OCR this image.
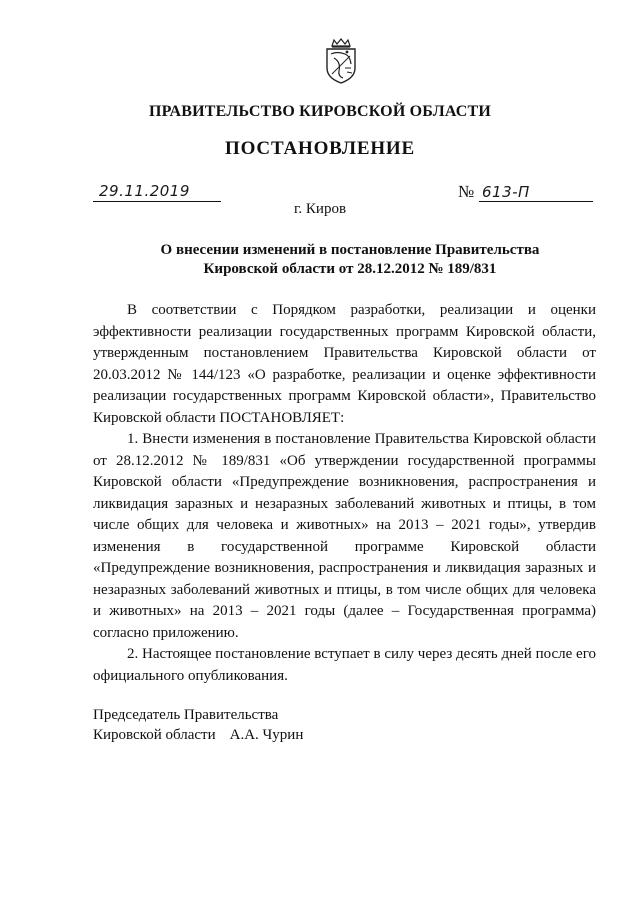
ПРАВИТЕЛЬСТВО КИРОВСКОЙ ОБЛАСТИ
ПОСТАНОВЛЕНИЕ
29.11.2019	№ 613-П
г. Киров
О внесении изменений в постановление Правительства
Кировской области от 28.12.2012 № 189/831

В соответствии с Порядком разработки, реализации и оценки эффективности реализации государственных программ Кировской области, утвержденным постановлением Правительства Кировской области от 20.03.2012 № 144/123 «О разработке, реализации и оценке эффективности реализации государственных программ Кировской области», Правительство Кировской области ПОСТАНОВЛЯЕТ:

1. Внести изменения в постановление Правительства Кировской области от 28.12.2012 № 189/831 «Об утверждении государственной программы Кировской области «Предупреждение возникновения, распространения и ликвидация заразных и незаразных заболеваний животных и птицы, в том числе общих для человека и животных» на 2013 – 2021 годы», утвердив изменения в государственной программе Кировской области «Предупреждение возникновения, распространения и ликвидация заразных и незаразных заболеваний животных и птицы, в том числе общих для человека и животных» на 2013 – 2021 годы (далее – Государственная программа) согласно приложению.

2. Настоящее постановление вступает в силу через десять дней после его официального опубликования.

Председатель Правительства
Кировской области А.А. Чурин
